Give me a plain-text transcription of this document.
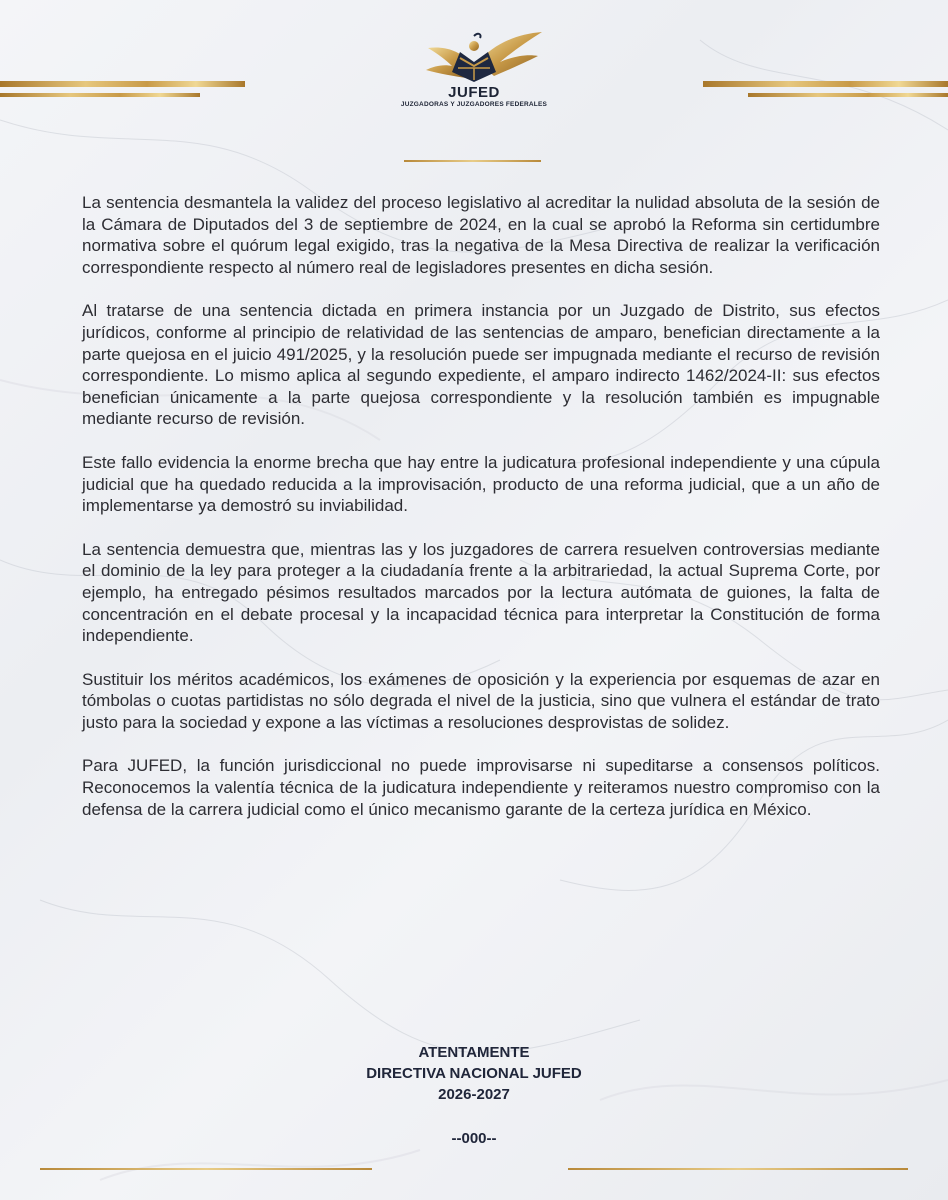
JUFED
JUZGADORAS Y JUZGADORES FEDERALES

La sentencia desmantela la validez del proceso legislativo al acreditar la nulidad absoluta de la sesión de la Cámara de Diputados del 3 de septiembre de 2024, en la cual se aprobó la Reforma sin certidumbre normativa sobre el quórum legal exigido, tras la negativa de la Mesa Directiva de realizar la verificación correspondiente respecto al número real de legisladores presentes en dicha sesión.

Al tratarse de una sentencia dictada en primera instancia por un Juzgado de Distrito, sus efectos jurídicos, conforme al principio de relatividad de las sentencias de amparo, benefician directamente a la parte quejosa en el juicio 491/2025, y la resolución puede ser impugnada mediante el recurso de revisión correspondiente. Lo mismo aplica al segundo expediente, el amparo indirecto 1462/2024-II: sus efectos benefician únicamente a la parte quejosa correspondiente y la resolución también es impugnable mediante recurso de revisión.

Este fallo evidencia la enorme brecha que hay entre la judicatura profesional independiente y una cúpula judicial que ha quedado reducida a la improvisación, producto de una reforma judicial, que a un año de implementarse ya demostró su inviabilidad.

La sentencia demuestra que, mientras las y los juzgadores de carrera resuelven controversias mediante el dominio de la ley para proteger a la ciudadanía frente a la arbitrariedad, la actual Suprema Corte, por ejemplo, ha entregado pésimos resultados marcados por la lectura autómata de guiones, la falta de concentración en el debate procesal y la incapacidad técnica para interpretar la Constitución de forma independiente.

Sustituir los méritos académicos, los exámenes de oposición y la experiencia por esquemas de azar en tómbolas o cuotas partidistas no sólo degrada el nivel de la justicia, sino que vulnera el estándar de trato justo para la sociedad y expone a las víctimas a resoluciones desprovistas de solidez.

Para JUFED, la función jurisdiccional no puede improvisarse ni supeditarse a consensos políticos. Reconocemos la valentía técnica de la judicatura independiente y reiteramos nuestro compromiso con la defensa de la carrera judicial como el único mecanismo garante de la certeza jurídica en México.

ATENTAMENTE
DIRECTIVA NACIONAL JUFED
2026-2027
--000--
